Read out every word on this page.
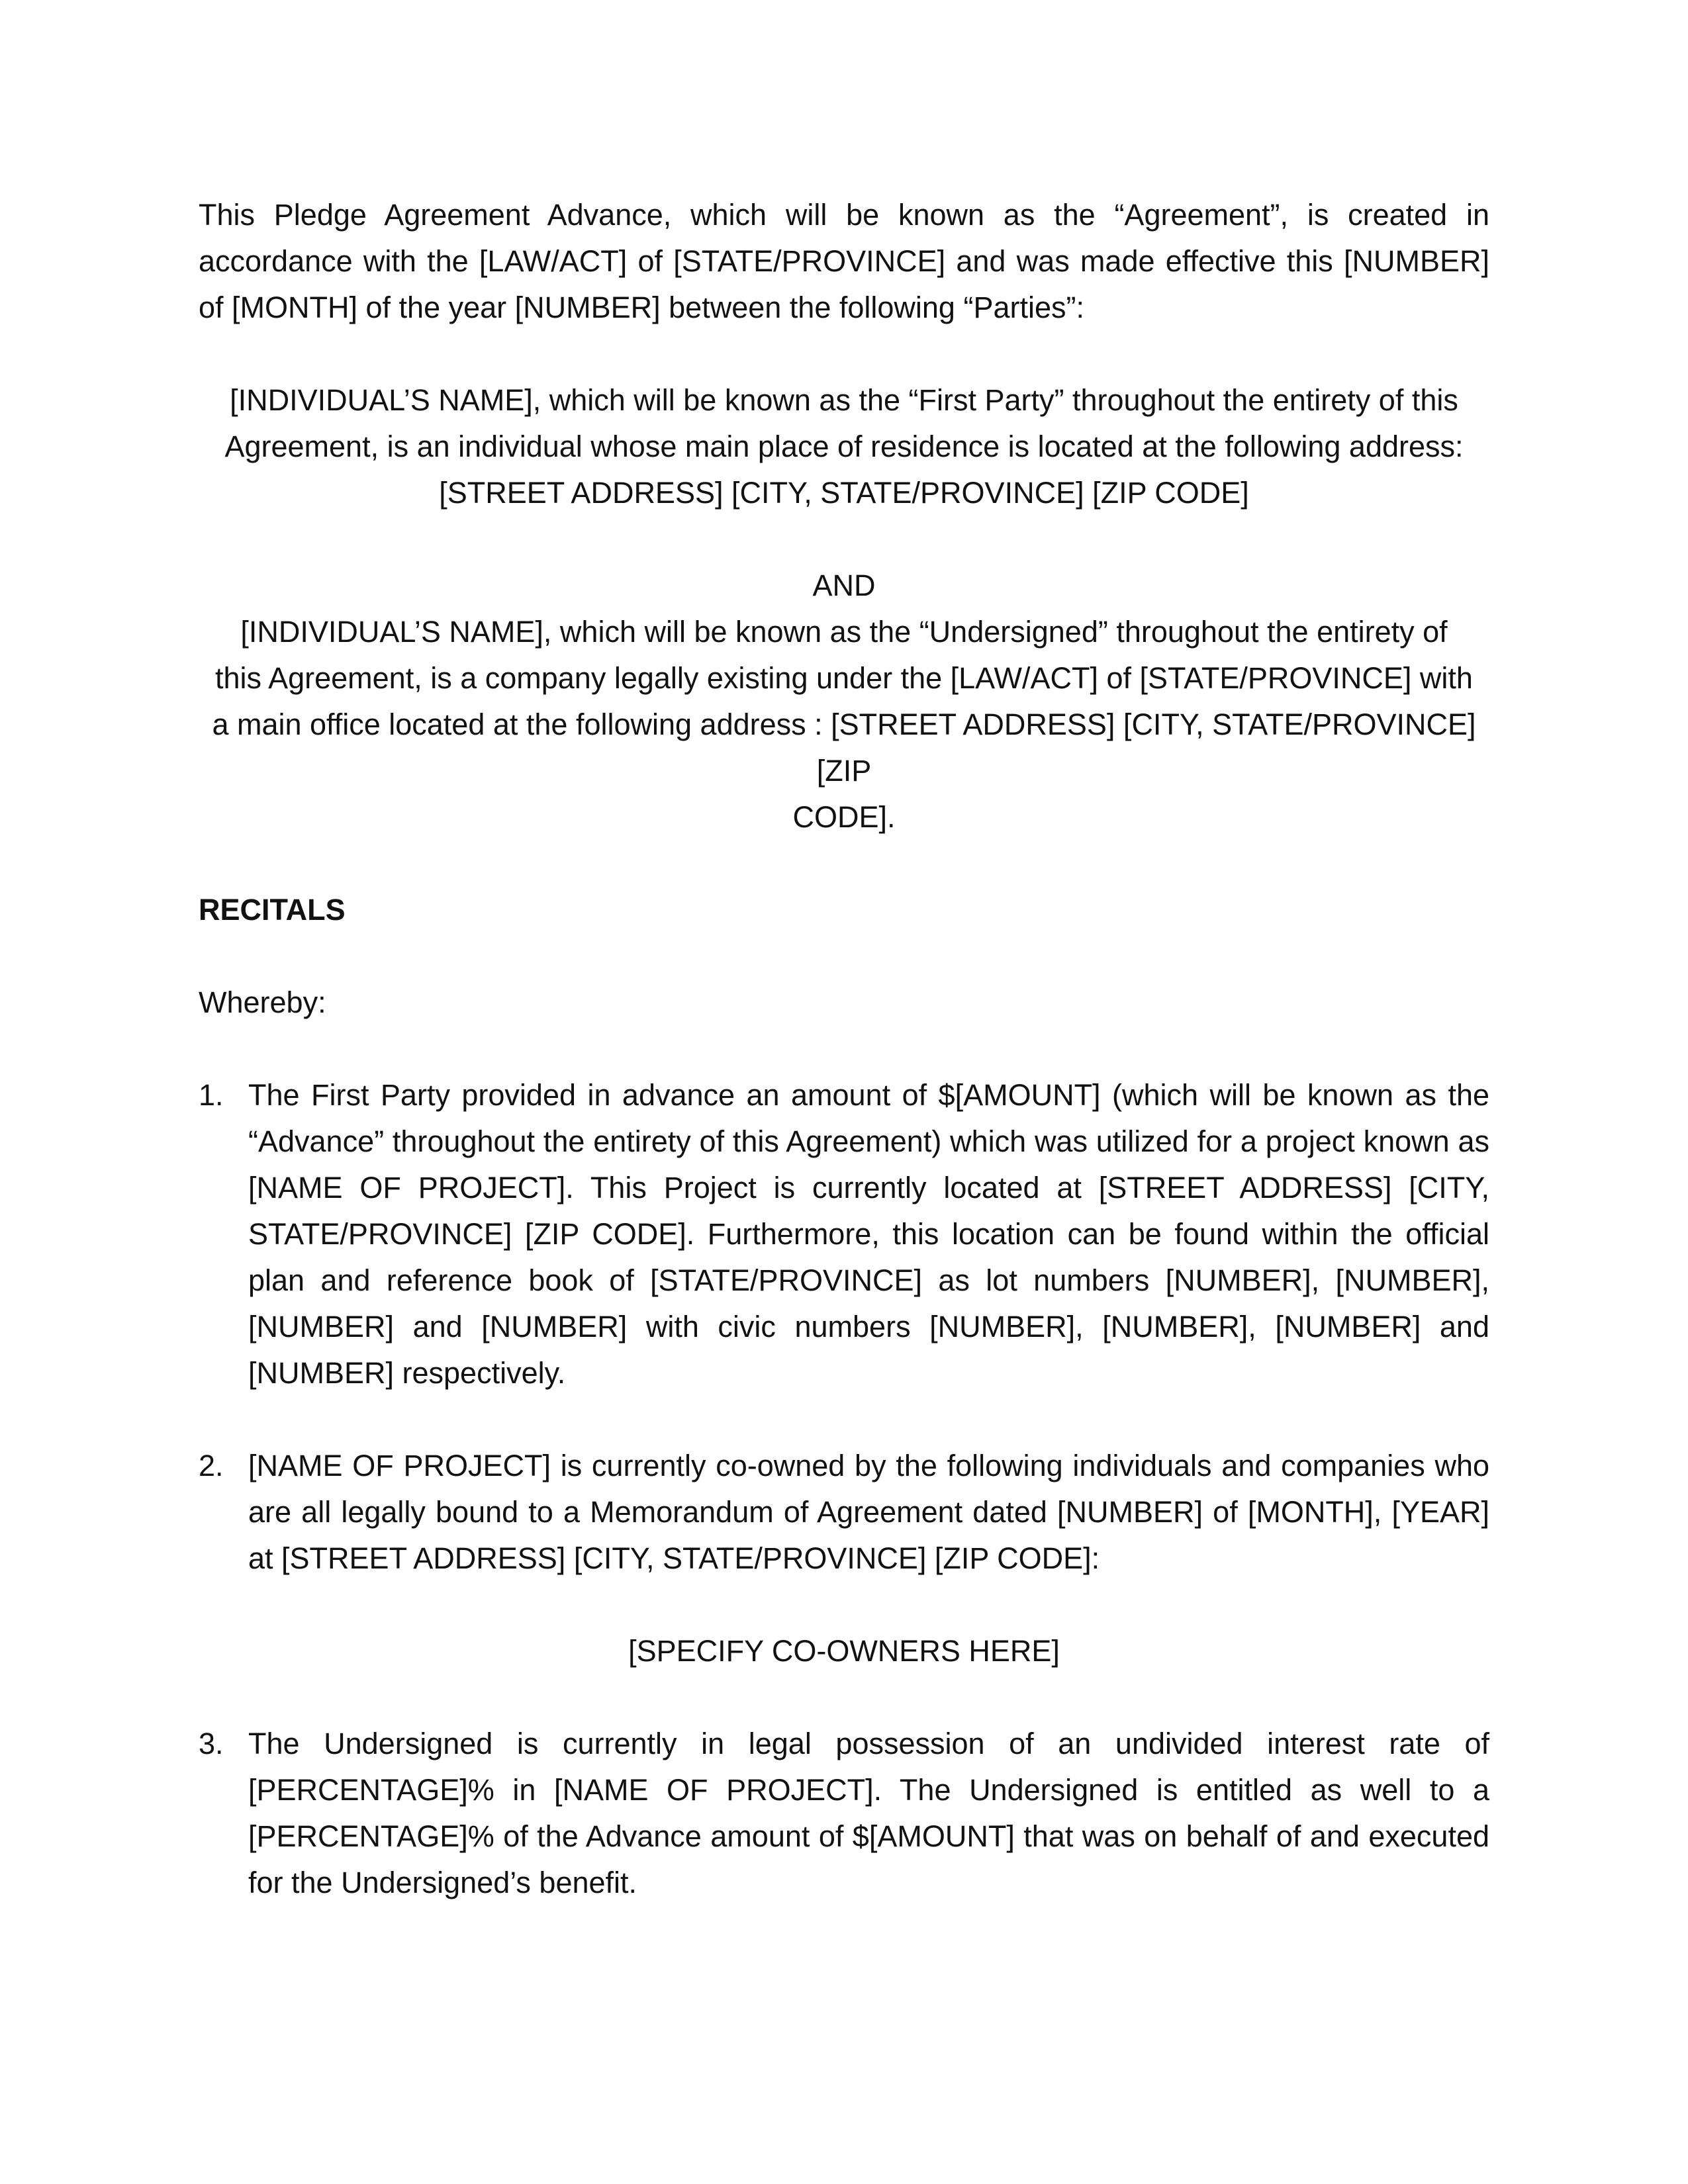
This Pledge Agreement Advance, which will be known as the “Agreement”, is created in accordance with the [LAW/ACT] of [STATE/PROVINCE] and was made effective this [NUMBER] of [MONTH] of the year [NUMBER] between the following “Parties”:

[INDIVIDUAL’S NAME], which will be known as the “First Party” throughout the entirety of this
Agreement, is an individual whose main place of residence is located at the following address:
[STREET ADDRESS] [CITY, STATE/PROVINCE] [ZIP CODE]
AND
[INDIVIDUAL’S NAME], which will be known as the “Undersigned” throughout the entirety of
this Agreement, is a company legally existing under the [LAW/ACT] of [STATE/PROVINCE] with
a main office located at the following address : [STREET ADDRESS] [CITY, STATE/PROVINCE] [ZIP
CODE].

RECITALS

Whereby:

1. The First Party provided in advance an amount of $[AMOUNT] (which will be known as the “Advance” throughout the entirety of this Agreement) which was utilized for a project known as [NAME OF PROJECT]. This Project is currently located at [STREET ADDRESS] [CITY, STATE/PROVINCE] [ZIP CODE]. Furthermore, this location can be found within the official plan and reference book of [STATE/PROVINCE] as lot numbers [NUMBER], [NUMBER], [NUMBER] and [NUMBER] with civic numbers [NUMBER], [NUMBER], [NUMBER] and [NUMBER] respectively.
2. [NAME OF PROJECT] is currently co-owned by the following individuals and companies who are all legally bound to a Memorandum of Agreement dated [NUMBER] of [MONTH], [YEAR] at [STREET ADDRESS] [CITY, STATE/PROVINCE] [ZIP CODE]:
[SPECIFY CO-OWNERS HERE]
3. The Undersigned is currently in legal possession of an undivided interest rate of [PERCENTAGE]% in [NAME OF PROJECT]. The Undersigned is entitled as well to a [PERCENTAGE]% of the Advance amount of $[AMOUNT] that was on behalf of and executed for the Undersigned’s benefit.
